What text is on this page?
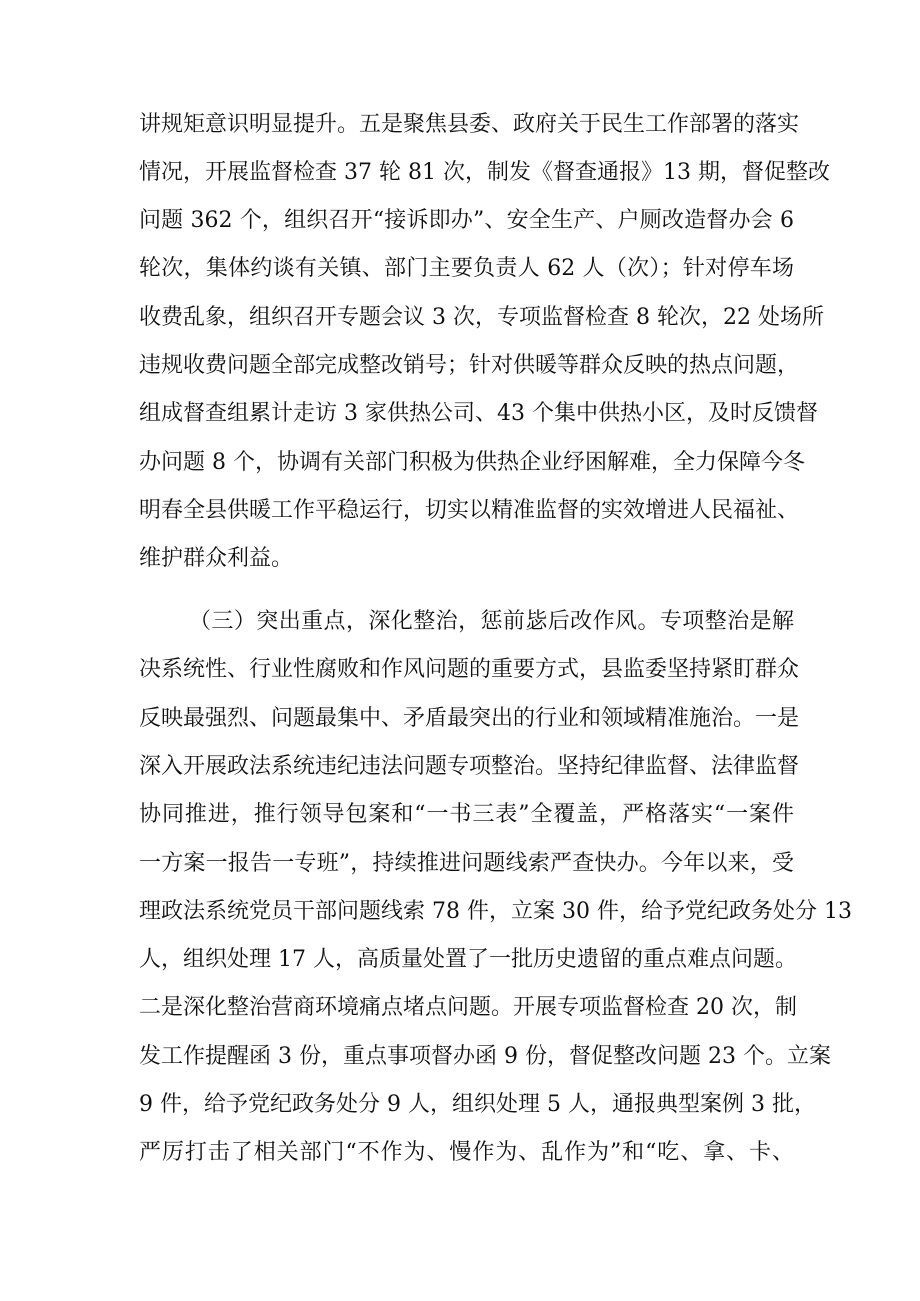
讲规矩意识明显提升。五是聚焦县委、政府关于民生工作部署的落实
情况，开展监督检查 37 轮 81 次，制发《督查通报》13 期，督促整改
问题 362 个，组织召开“接诉即办”、安全生产、户厕改造督办会 6
轮次，集体约谈有关镇、部门主要负责人 62 人（次）；针对停车场
收费乱象，组织召开专题会议 3 次，专项监督检查 8 轮次，22 处场所
违规收费问题全部完成整改销号；针对供暖等群众反映的热点问题，
组成督查组累计走访 3 家供热公司、43 个集中供热小区，及时反馈督
办问题 8 个，协调有关部门积极为供热企业纾困解难，全力保障今冬
明春全县供暖工作平稳运行，切实以精准监督的实效增进人民福祉、
维护群众利益。
（三）突出重点，深化整治，惩前毖后改作风。专项整治是解
决系统性、行业性腐败和作风问题的重要方式，县监委坚持紧盯群众
反映最强烈、问题最集中、矛盾最突出的行业和领域精准施治。一是
深入开展政法系统违纪违法问题专项整治。坚持纪律监督、法律监督
协同推进，推行领导包案和“一书三表”全覆盖，严格落实“一案件
一方案一报告一专班”，持续推进问题线索严查快办。今年以来，受
理政法系统党员干部问题线索 78 件，立案 30 件，给予党纪政务处分 13
人，组织处理 17 人，高质量处置了一批历史遗留的重点难点问题。
二是深化整治营商环境痛点堵点问题。开展专项监督检查 20 次，制
发工作提醒函 3 份，重点事项督办函 9 份，督促整改问题 23 个。立案
9 件，给予党纪政务处分 9 人，组织处理 5 人，通报典型案例 3 批，
严厉打击了相关部门“不作为、慢作为、乱作为”和“吃、拿、卡、
